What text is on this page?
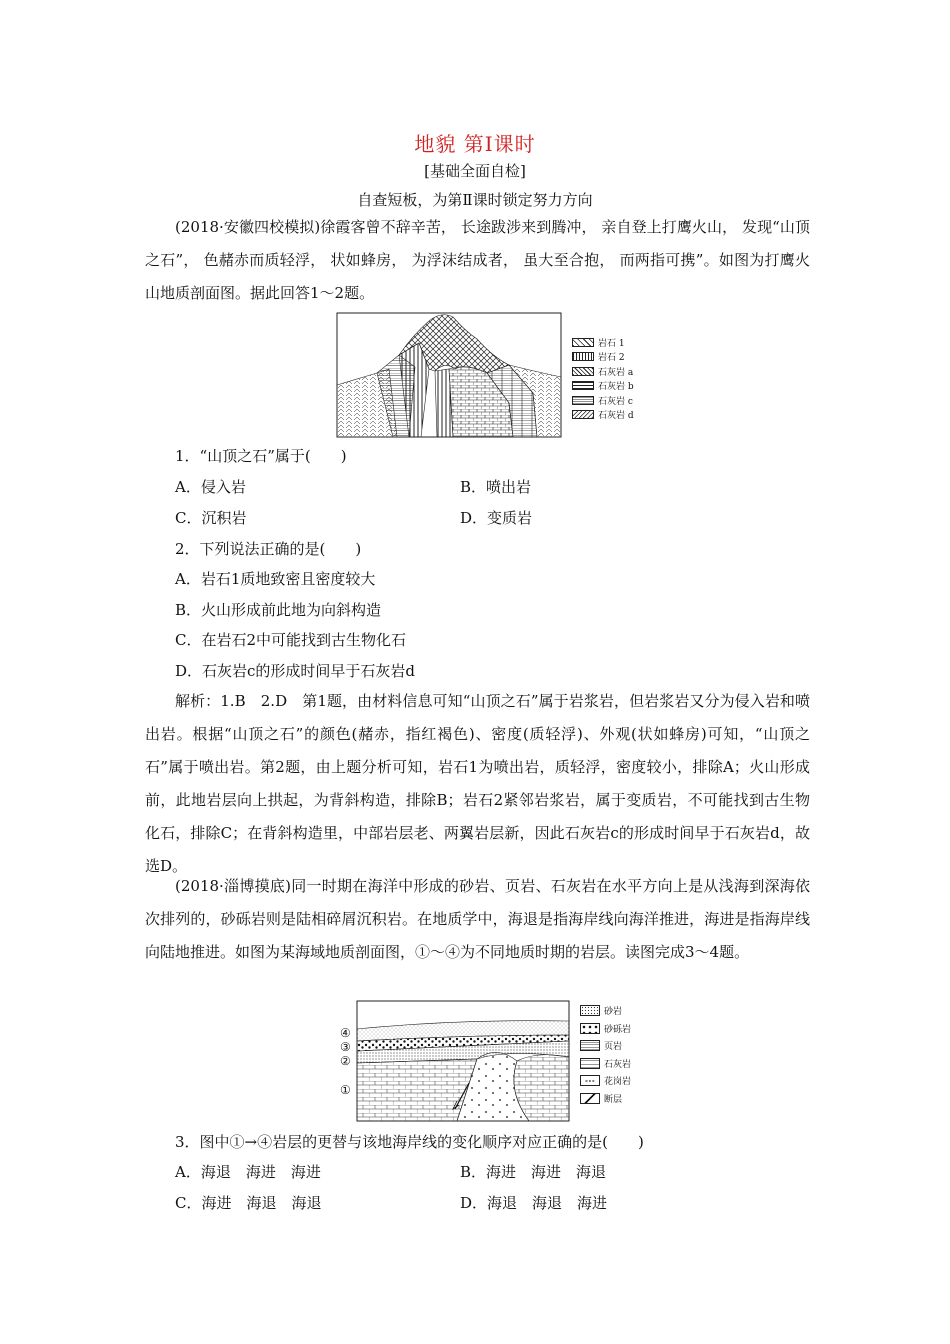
地貌 第Ⅰ课时
[基础全面自检]
自查短板，为第Ⅱ课时锁定努力方向

(2018·安徽四校模拟)徐霞客曾不辞辛苦， 长途跋涉来到腾冲， 亲自登上打鹰火山， 发现“山顶之石”， 色赭赤而质轻浮， 状如蜂房， 为浮沫结成者， 虽大至合抱， 而两指可携”。如图为打鹰火山地质剖面图。据此回答1～2题。

岩石 1
岩石 2
石灰岩 a
石灰岩 b
石灰岩 c
石灰岩 d
1．“山顶之石”属于(　　)
A．侵入岩	B．喷出岩
C．沉积岩	D．变质岩
2．下列说法正确的是(　　)
A．岩石1质地致密且密度较大
B．火山形成前此地为向斜构造
C．在岩石2中可能找到古生物化石
D．石灰岩c的形成时间早于石灰岩d

解析：1.B　2.D　第1题，由材料信息可知“山顶之石”属于岩浆岩，但岩浆岩又分为侵入岩和喷出岩。根据“山顶之石”的颜色(赭赤，指红褐色)、密度(质轻浮)、外观(状如蜂房)可知，“山顶之石”属于喷出岩。第2题，由上题分析可知，岩石1为喷出岩，质轻浮，密度较小，排除A；火山形成前，此地岩层向上拱起，为背斜构造，排除B；岩石2紧邻岩浆岩，属于变质岩，不可能找到古生物化石，排除C；在背斜构造里，中部岩层老、两翼岩层新，因此石灰岩c的形成时间早于石灰岩d，故选D。

(2018·淄博摸底)同一时期在海洋中形成的砂岩、页岩、石灰岩在水平方向上是从浅海到深海依次排列的，砂砾岩则是陆相碎屑沉积岩。在地质学中，海退是指海岸线向海洋推进，海进是指海岸线向陆地推进。如图为某海域地质剖面图，①～④为不同地质时期的岩层。读图完成3～4题。

④
③
②
①
砂岩
砂砾岩
页岩
石灰岩
∘∘∘ 花岗岩
断层
3．图中①→④岩层的更替与该地海岸线的变化顺序对应正确的是(　　)
A．海退　海进　海进	B．海进　海进　海退
C．海进　海退　海退	D．海退　海退　海进
